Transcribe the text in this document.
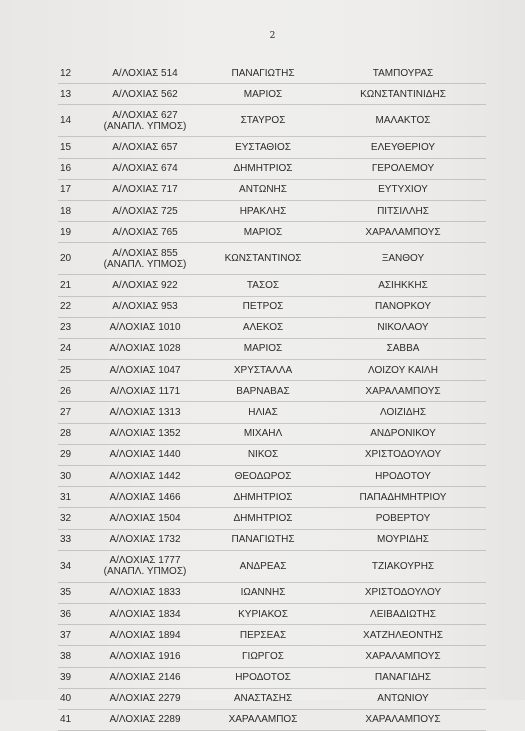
2
12	Α/ΛΟΧΙΑΣ 514	ΠΑΝΑΓΙΩΤΗΣ	ΤΑΜΠΟΥΡΑΣ
13	Α/ΛΟΧΙΑΣ 562	ΜΑΡΙΟΣ	ΚΩΝΣΤΑΝΤΙΝΙΔΗΣ
14	Α/ΛΟΧΙΑΣ 627
(ΑΝΑΠΛ. ΥΠΜΟΣ)	ΣΤΑΥΡΟΣ	ΜΑΛΑΚΤΟΣ
15	Α/ΛΟΧΙΑΣ 657	ΕΥΣΤΑΘΙΟΣ	ΕΛΕΥΘΕΡΙΟΥ
16	Α/ΛΟΧΙΑΣ 674	ΔΗΜΗΤΡΙΟΣ	ΓΕΡΟΛΕΜΟΥ
17	Α/ΛΟΧΙΑΣ 717	ΑΝΤΩΝΗΣ	ΕΥΤΥΧΙΟΥ
18	Α/ΛΟΧΙΑΣ 725	ΗΡΑΚΛΗΣ	ΠΙΤΣΙΛΛΗΣ
19	Α/ΛΟΧΙΑΣ 765	ΜΑΡΙΟΣ	ΧΑΡΑΛΑΜΠΟΥΣ
20	Α/ΛΟΧΙΑΣ 855
(ΑΝΑΠΛ. ΥΠΜΟΣ)	ΚΩΝΣΤΑΝΤΙΝΟΣ	ΞΑΝΘΟΥ
21	Α/ΛΟΧΙΑΣ 922	ΤΑΣΟΣ	ΑΣΙΗΚΚΗΣ
22	Α/ΛΟΧΙΑΣ 953	ΠΕΤΡΟΣ	ΠΑΝΟΡΚΟΥ
23	Α/ΛΟΧΙΑΣ 1010	ΑΛΕΚΟΣ	ΝΙΚΟΛΑΟΥ
24	Α/ΛΟΧΙΑΣ 1028	ΜΑΡΙΟΣ	ΣΑΒΒΑ
25	Α/ΛΟΧΙΑΣ 1047	ΧΡΥΣΤΑΛΛΑ	ΛΟΙΖΟΥ ΚΑΙΛΗ
26	Α/ΛΟΧΙΑΣ 1171	ΒΑΡΝΑΒΑΣ	ΧΑΡΑΛΑΜΠΟΥΣ
27	Α/ΛΟΧΙΑΣ 1313	ΗΛΙΑΣ	ΛΟΙΖΙΔΗΣ
28	Α/ΛΟΧΙΑΣ 1352	ΜΙΧΑΗΛ	ΑΝΔΡΟΝΙΚΟΥ
29	Α/ΛΟΧΙΑΣ 1440	ΝΙΚΟΣ	ΧΡΙΣΤΟΔΟΥΛΟΥ
30	Α/ΛΟΧΙΑΣ 1442	ΘΕΟΔΩΡΟΣ	ΗΡΟΔΟΤΟΥ
31	Α/ΛΟΧΙΑΣ 1466	ΔΗΜΗΤΡΙΟΣ	ΠΑΠΑΔΗΜΗΤΡΙΟΥ
32	Α/ΛΟΧΙΑΣ 1504	ΔΗΜΗΤΡΙΟΣ	ΡΟΒΕΡΤΟΥ
33	Α/ΛΟΧΙΑΣ 1732	ΠΑΝΑΓΙΩΤΗΣ	ΜΟΥΡΙΔΗΣ
34	Α/ΛΟΧΙΑΣ 1777
(ΑΝΑΠΛ. ΥΠΜΟΣ)	ΑΝΔΡΕΑΣ	ΤΖΙΑΚΟΥΡΗΣ
35	Α/ΛΟΧΙΑΣ 1833	ΙΩΑΝΝΗΣ	ΧΡΙΣΤΟΔΟΥΛΟΥ
36	Α/ΛΟΧΙΑΣ 1834	ΚΥΡΙΑΚΟΣ	ΛΕΙΒΑΔΙΩΤΗΣ
37	Α/ΛΟΧΙΑΣ 1894	ΠΕΡΣΕΑΣ	ΧΑΤΖΗΛΕΟΝΤΗΣ
38	Α/ΛΟΧΙΑΣ 1916	ΓΙΩΡΓΟΣ	ΧΑΡΑΛΑΜΠΟΥΣ
39	Α/ΛΟΧΙΑΣ 2146	ΗΡΟΔΟΤΟΣ	ΠΑΝΑΓΙΔΗΣ
40	Α/ΛΟΧΙΑΣ 2279	ΑΝΑΣΤΑΣΗΣ	ΑΝΤΩΝΙΟΥ
41	Α/ΛΟΧΙΑΣ 2289	ΧΑΡΑΛΑΜΠΟΣ	ΧΑΡΑΛΑΜΠΟΥΣ
